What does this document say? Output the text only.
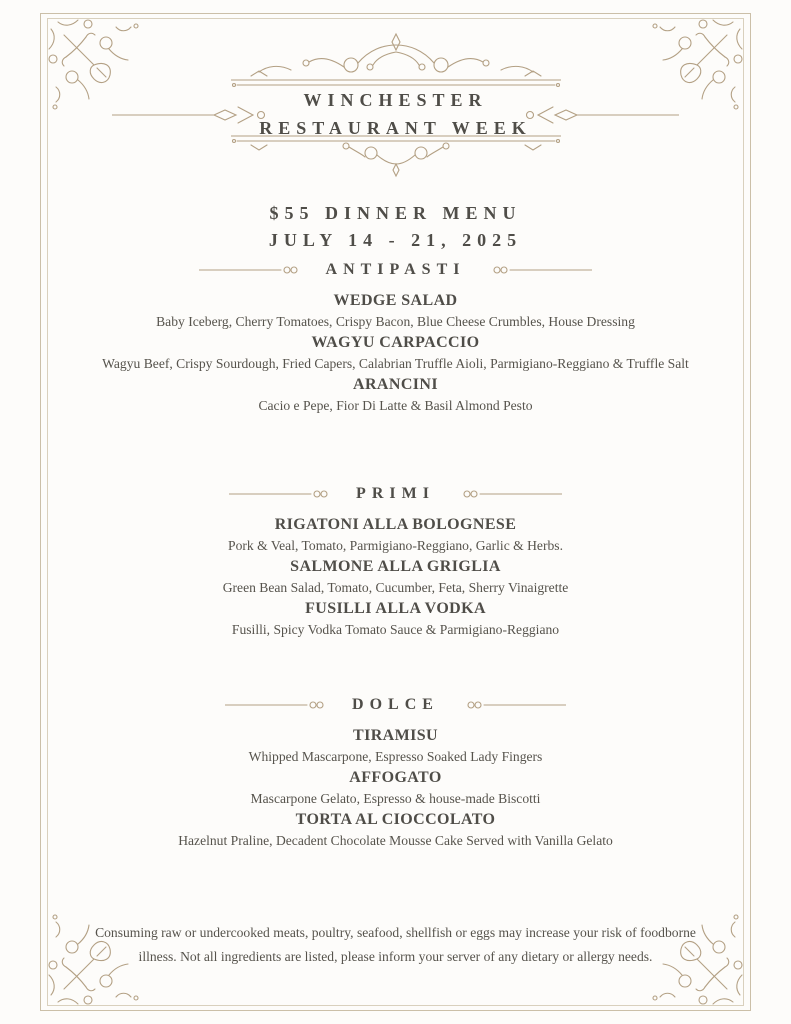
WINCHESTER
RESTAURANT WEEK
$55 DINNER MENU
JULY 14 - 21, 2025
ANTIPASTI
WEDGE SALAD

Baby Iceberg, Cherry Tomatoes, Crispy Bacon, Blue Cheese Crumbles, House Dressing

WAGYU CARPACCIO

Wagyu Beef, Crispy Sourdough, Fried Capers, Calabrian Truffle Aioli, Parmigiano-Reggiano & Truffle Salt

ARANCINI

Cacio e Pepe, Fior Di Latte & Basil Almond Pesto

PRIMI
RIGATONI ALLA BOLOGNESE

Pork & Veal, Tomato, Parmigiano-Reggiano, Garlic & Herbs.

SALMONE ALLA GRIGLIA

Green Bean Salad, Tomato, Cucumber, Feta, Sherry Vinaigrette

FUSILLI ALLA VODKA

Fusilli, Spicy Vodka Tomato Sauce & Parmigiano-Reggiano

DOLCE
TIRAMISU

Whipped Mascarpone, Espresso Soaked Lady Fingers

AFFOGATO

Mascarpone Gelato, Espresso & house-made Biscotti

TORTA AL CIOCCOLATO

Hazelnut Praline, Decadent Chocolate Mousse Cake Served with Vanilla Gelato

Consuming raw or undercooked meats, poultry, seafood, shellfish or eggs may increase your risk of foodborne illness. Not all ingredients are listed, please inform your server of any dietary or allergy needs.
